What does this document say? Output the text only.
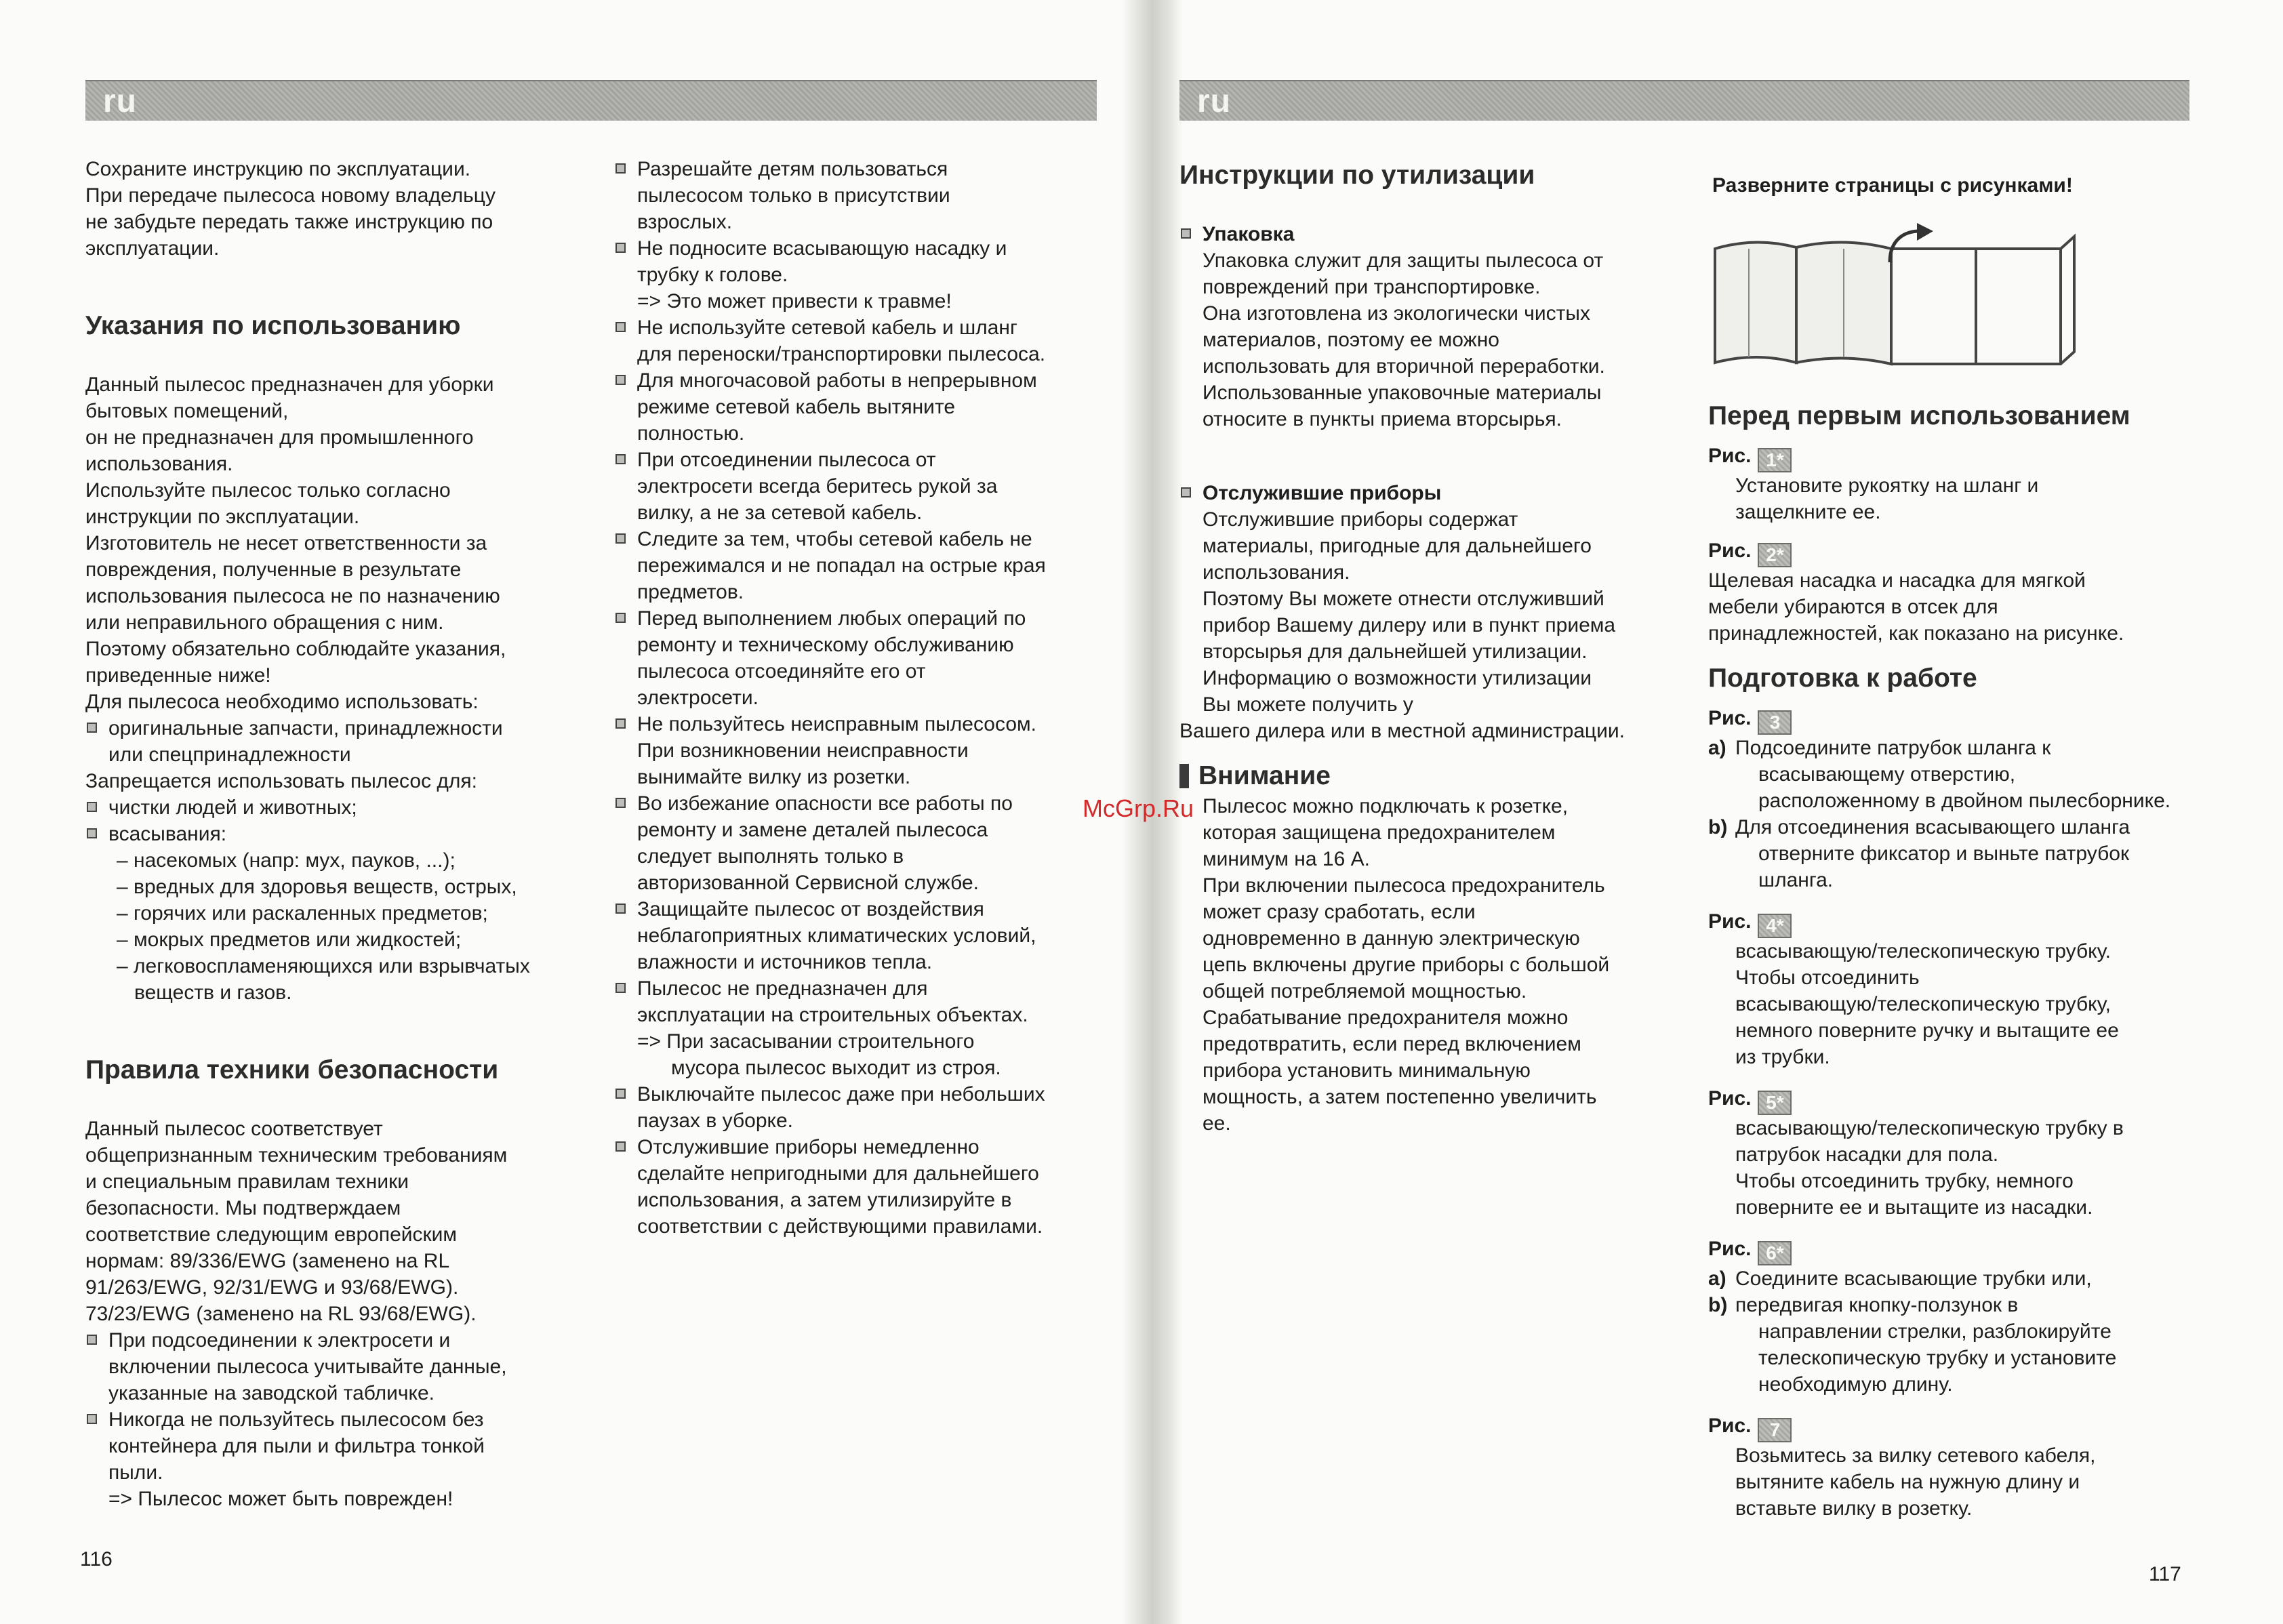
ru

Сохраните инструкцию по эксплуатации.

При передаче пылесоса новому владельцу

не забудьте передать также инструкцию по

эксплуатации.

Указания по использованию

Данный пылесос предназначен для уборки

бытовых помещений,

он не предназначен для промышленного

использования.

Используйте пылесос только согласно

инструкции по эксплуатации.

Изготовитель не несет ответственности за

повреждения, полученные в результате

использования пылесоса не по назначению

или неправильного обращения с ним.

Поэтому обязательно соблюдайте указания,

приведенные ниже!

Для пылесоса необходимо использовать:

оригинальные запчасти, принадлежности

или спецпринадлежности

Запрещается использовать пылесос для:

чистки людей и животных;

всасывания:

– насекомых (напр: мух, пауков, ...);

– вредных для здоровья веществ, острых,

– горячих или раскаленных предметов;

– мокрых предметов или жидкостей;

– легковоспламеняющихся или взрывчатых веществ и газов.

Правила техники безопасности

Данный пылесос соответствует

общепризнанным техническим требованиям

и специальным правилам техники

безопасности. Мы подтверждаем

соответствие следующим европейским

нормам: 89/336/EWG (заменено на RL

91/263/EWG, 92/31/EWG и 93/68/EWG).

73/23/EWG (заменено на RL 93/68/EWG).

При подсоединении к электросети и

включении пылесоса учитывайте данные,

указанные на заводской табличке.

Никогда не пользуйтесь пылесосом без

контейнера для пыли и фильтра тонкой

пыли.

=> Пылесос может быть поврежден!

Разрешайте детям пользоваться

пылесосом только в присутствии

взрослых.

Не подносите всасывающую насадку и

трубку к голове.

=> Это может привести к травме!

Не используйте сетевой кабель и шланг

для переноски/транспортировки пылесоса.

Для многочасовой работы в непрерывном

режиме сетевой кабель вытяните

полностью.

При отсоединении пылесоса от

электросети всегда беритесь рукой за

вилку, а не за сетевой кабель.

Следите за тем, чтобы сетевой кабель не

пережимался и не попадал на острые края

предметов.

Перед выполнением любых операций по

ремонту и техническому обслуживанию

пылесоса отсоединяйте его от

электросети.

Не пользуйтесь неисправным пылесосом.

При возникновении неисправности

вынимайте вилку из розетки.

Во избежание опасности все работы по

ремонту и замене деталей пылесоса

следует выполнять только в

авторизованной Сервисной службе.

Защищайте пылесос от воздействия

неблагоприятных климатических условий,

влажности и источников тепла.

Пылесос не предназначен для

эксплуатации на строительных объектах.

=> При засасывании строительного

мусора пылесос выходит из строя.

Выключайте пылесос даже при небольших

паузах в уборке.

Отслужившие приборы немедленно

сделайте непригодными для дальнейшего

использования, а затем утилизируйте в

соответствии с действующими правилами.

116
ru
Инструкции по утилизации

Упаковка

Упаковка служит для защиты пылесоса от

повреждений при транспортировке.

Она изготовлена из экологически чистых

материалов, поэтому ее можно

использовать для вторичной переработки.

Использованные упаковочные материалы

относите в пункты приема вторсырья.

Отслужившие приборы

Отслужившие приборы содержат

материалы, пригодные для дальнейшего

использования.

Поэтому Вы можете отнести отслуживший

прибор Вашему дилеру или в пункт приема

вторсырья для дальнейшей утилизации.

Информацию о возможности утилизации

Вы можете получить у

Вашего дилера или в местной администрации.

Внимание

Пылесос можно подключать к розетке,

которая защищена предохранителем

минимум на 16 А.

При включении пылесоса предохранитель

может сразу сработать, если

одновременно в данную электрическую

цепь включены другие приборы с большой

общей потребляемой мощностью.

Срабатывание предохранителя можно

предотвратить, если перед включением

прибора установить минимальную

мощность, а затем постепенно увеличить

ее.

Разверните страницы с рисунками!

Перед первым использованием

Рис. 1*

Установите рукоятку на шланг и

защелкните ее.

Рис. 2*

Щелевая насадка и насадка для мягкой

мебели убираются в отсек для

принадлежностей, как показано на рисунке.

Подготовка к работе

Рис. 3

a) Подсоедините патрубок шланга к

всасывающему отверстию,

расположенному в двойном пылесборнике.

b) Для отсоединения всасывающего шланга

отверните фиксатор и выньте патрубок

шланга.

Рис. 4*

всасывающую/телескопическую трубку.

Чтобы отсоединить

всасывающую/телескопическую трубку,

немного поверните ручку и вытащите ее

из трубки.

Рис. 5*

всасывающую/телескопическую трубку в

патрубок насадки для пола.

Чтобы отсоединить трубку, немного

поверните ее и вытащите из насадки.

Рис. 6*

a) Соедините всасывающие трубки или,

b) передвигая кнопку-ползунок в

направлении стрелки, разблокируйте

телескопическую трубку и установите

необходимую длину.

Рис. 7

Возьмитесь за вилку сетевого кабеля,

вытяните кабель на нужную длину и

вставьте вилку в розетку.

117
McGrp.Ru
